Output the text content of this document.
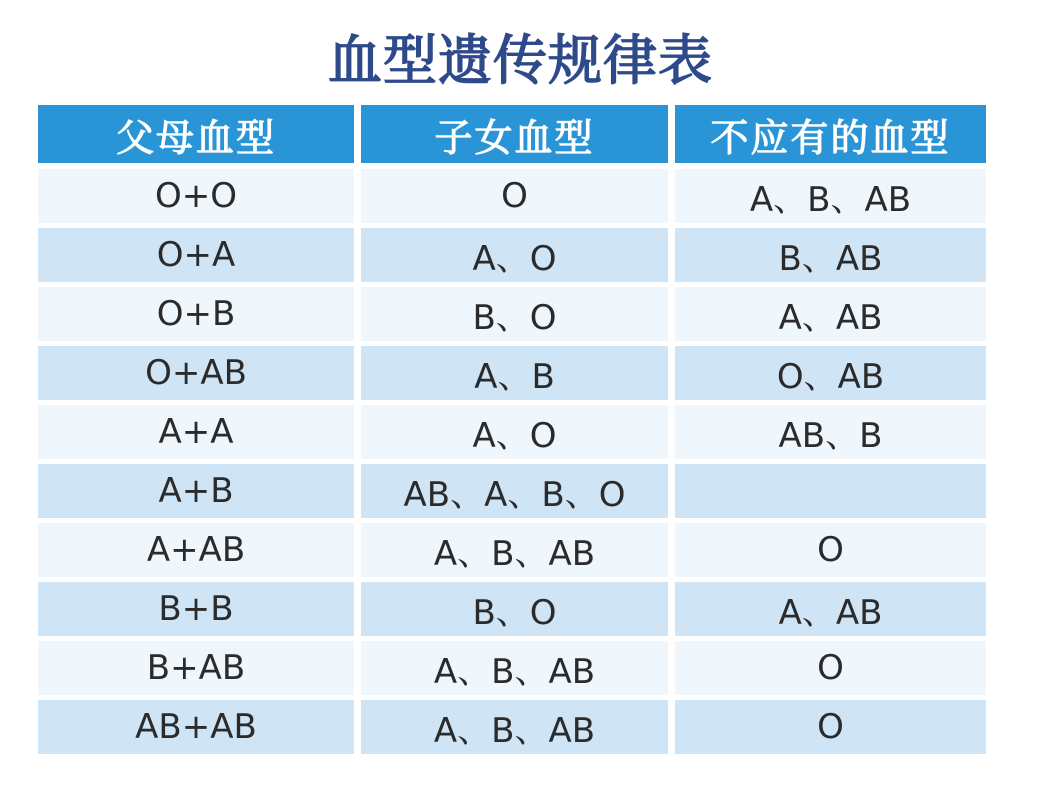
血型遗传规律表
父母血型	子女血型	不应有的血型
O+O	O	A、B、AB
O+A	A、O	B、AB
O+B	B、O	A、AB
O+AB	A、B	O、AB
A+A	A、O	AB、B
A+B	AB、A、B、O
A+AB	A、B、AB	O
B+B	B、O	A、AB
B+AB	A、B、AB	O
AB+AB	A、B、AB	O
